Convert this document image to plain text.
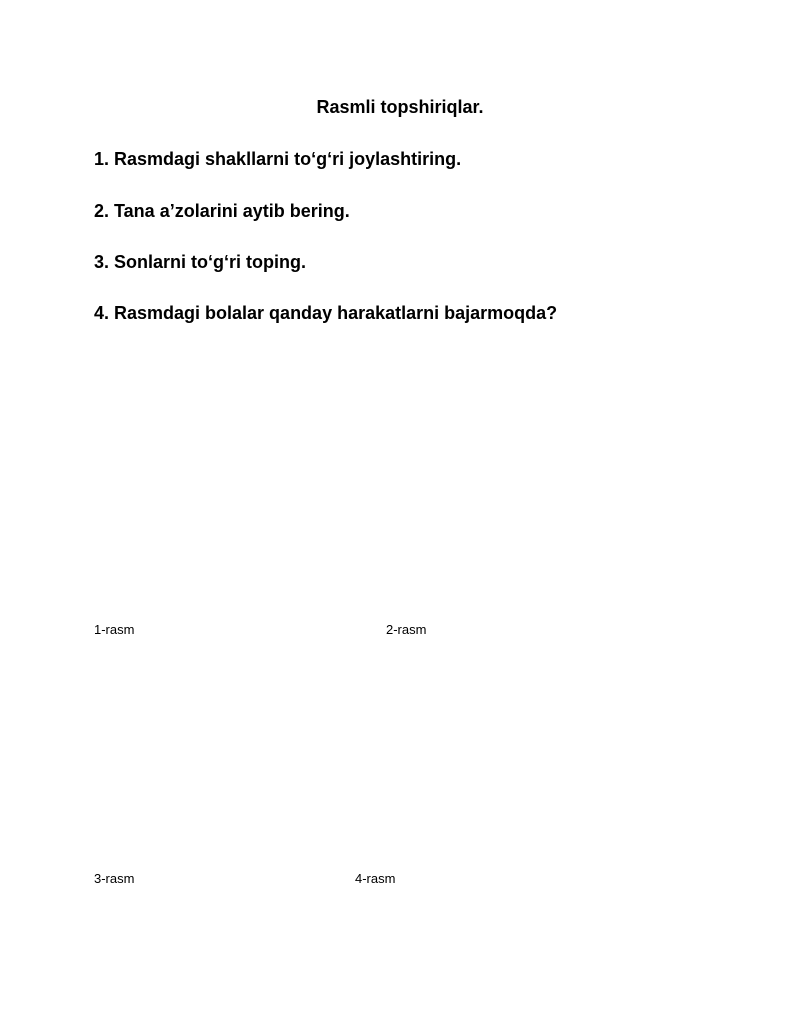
Rasmli topshiriqlar.
1. Rasmdagi shakllarni to‘g‘ri joylashtiring.
2. Tana a’zolarini aytib bering.
3. Sonlarni to‘g‘ri toping.
4. Rasmdagi bolalar qanday harakatlarni bajarmoqda?
1-rasm	2-rasm
3-rasm	4-rasm
